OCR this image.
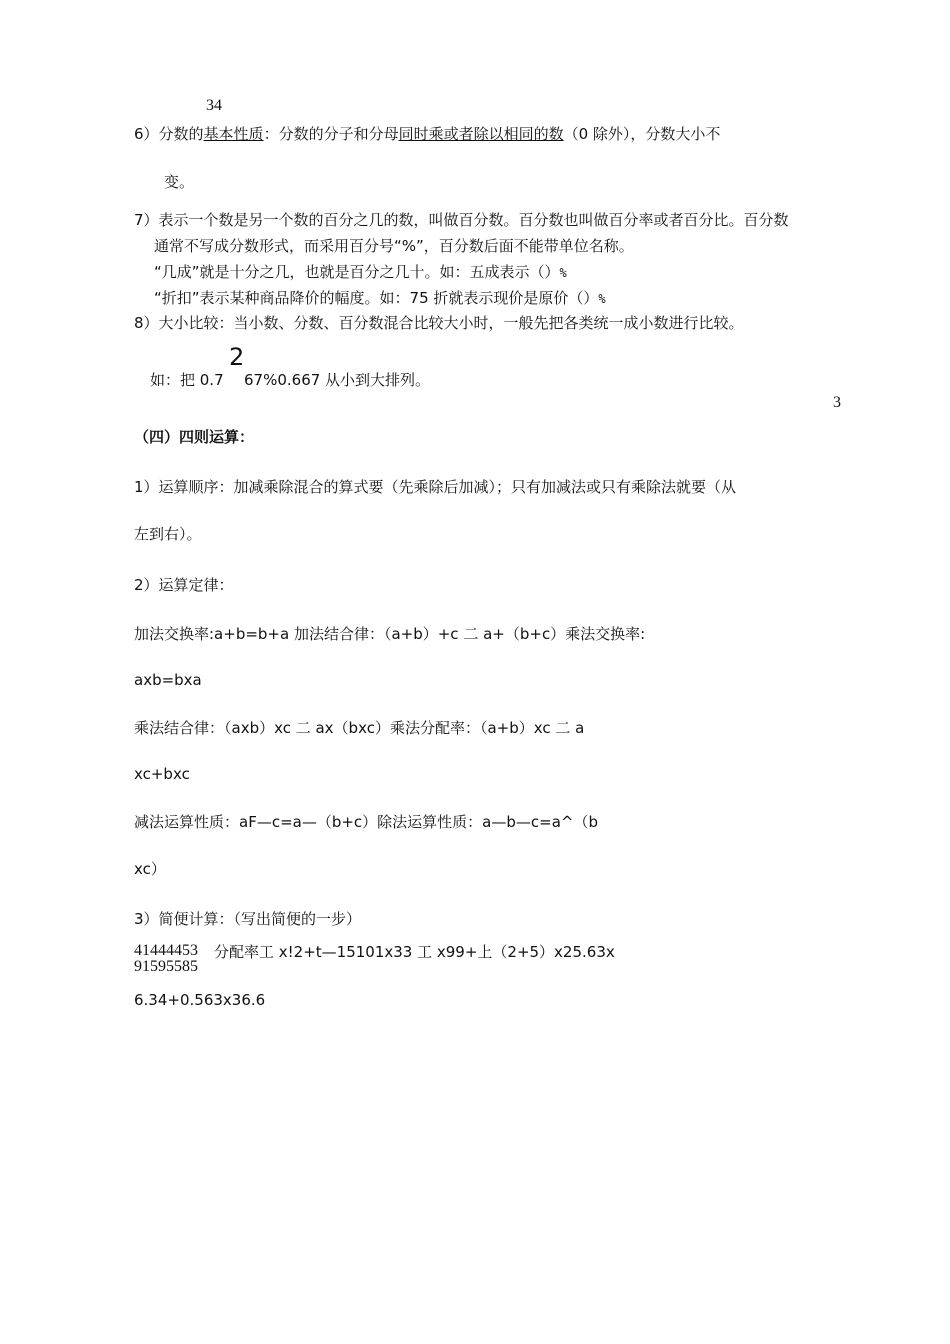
34
6）分数的基本性质：分数的分子和分母同时乘或者除以相同的数（0 除外），分数大小不
变。
7）表示一个数是另一个数的百分之几的数，叫做百分数。百分数也叫做百分率或者百分比。百分数
通常不写成分数形式，而采用百分号“%”，百分数后面不能带单位名称。
“几成”就是十分之几，也就是百分之几十。如：五成表示（）%
“折扣”表示某种商品降价的幅度。如：75 折就表示现价是原价（）%
8）大小比较：当小数、分数、百分数混合比较大小时，一般先把各类统一成小数进行比较。
2
如：把 0.7 67%0.667 从小到大排列。
3
（四）四则运算：
1）运算顺序：加减乘除混合的算式要（先乘除后加减）；只有加减法或只有乘除法就要（从
左到右）。
2）运算定律：
加法交换率:a+b=b+a 加法结合律：（a+b）+c 二 a+（b+c）乘法交换率:
axb=bxa
乘法结合律：（axb）xc 二 ax（bxc）乘法分配率：（a+b）xc 二 a
xc+bxc
减法运算性质：aF—c=a—（b+c）除法运算性质：a—b—c=a^（b
xc）
3）简便计算：（写出简便的一步）
41444453
91595585
分配率工 x!2+t—15101x33 工 x99+上（2+5）x25.63x
6.34+0.563x36.6
